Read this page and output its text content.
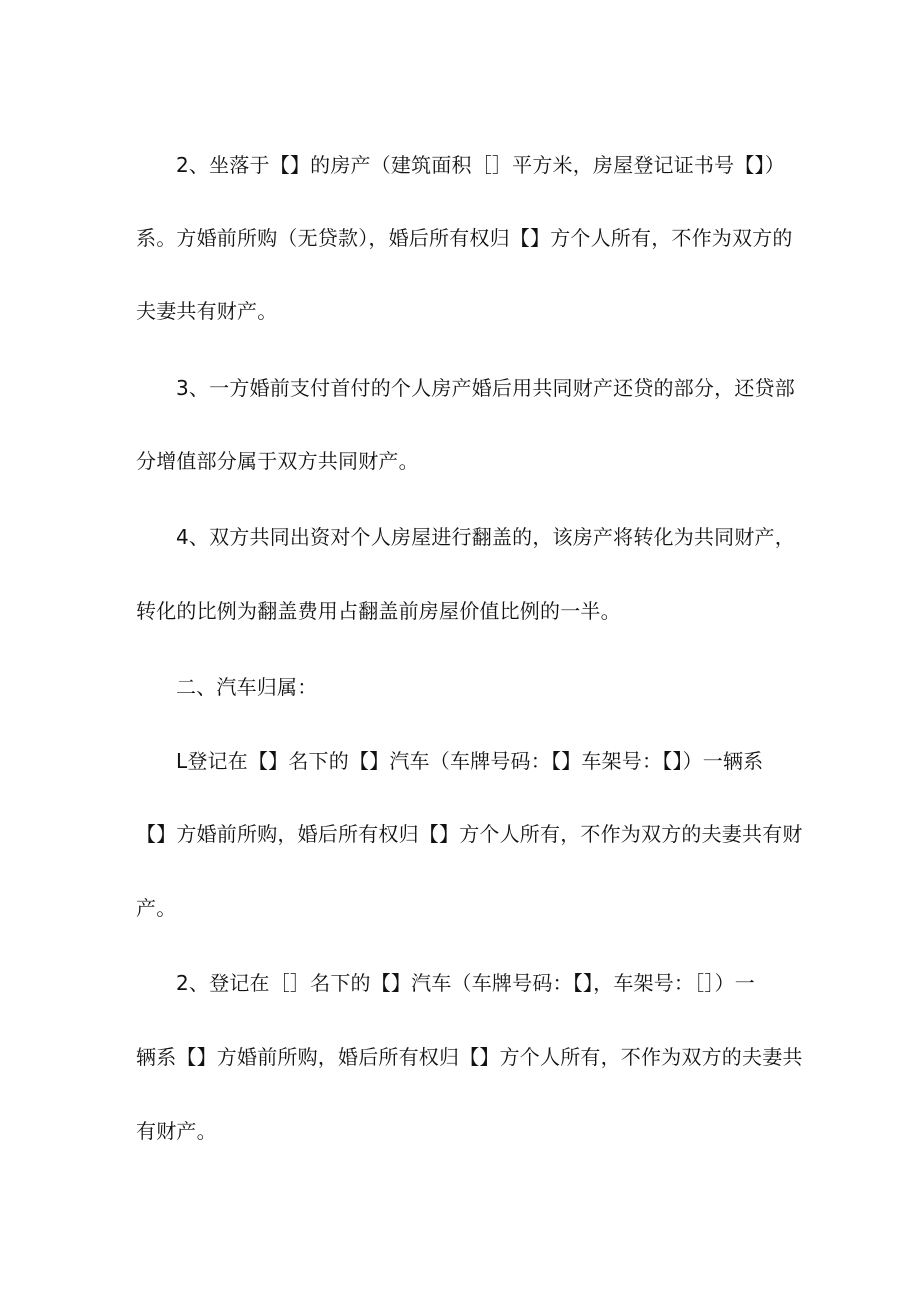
2、坐落于【】的房产（建筑面积［］平方米，房屋登记证书号【】）
系。方婚前所购（无贷款），婚后所有权归【】方个人所有，不作为双方的
夫妻共有财产。
3、一方婚前支付首付的个人房产婚后用共同财产还贷的部分，还贷部
分增值部分属于双方共同财产。
4、双方共同出资对个人房屋进行翻盖的，该房产将转化为共同财产，
转化的比例为翻盖费用占翻盖前房屋价值比例的一半。
二、汽车归属：
L登记在【】名下的【】汽车（车牌号码：【】车架号：【】）一辆系
【】方婚前所购，婚后所有权归【】方个人所有，不作为双方的夫妻共有财
产。
2、登记在［］名下的【】汽车（车牌号码：【】，车架号：［］）一
辆系【】方婚前所购，婚后所有权归【】方个人所有，不作为双方的夫妻共
有财产。
